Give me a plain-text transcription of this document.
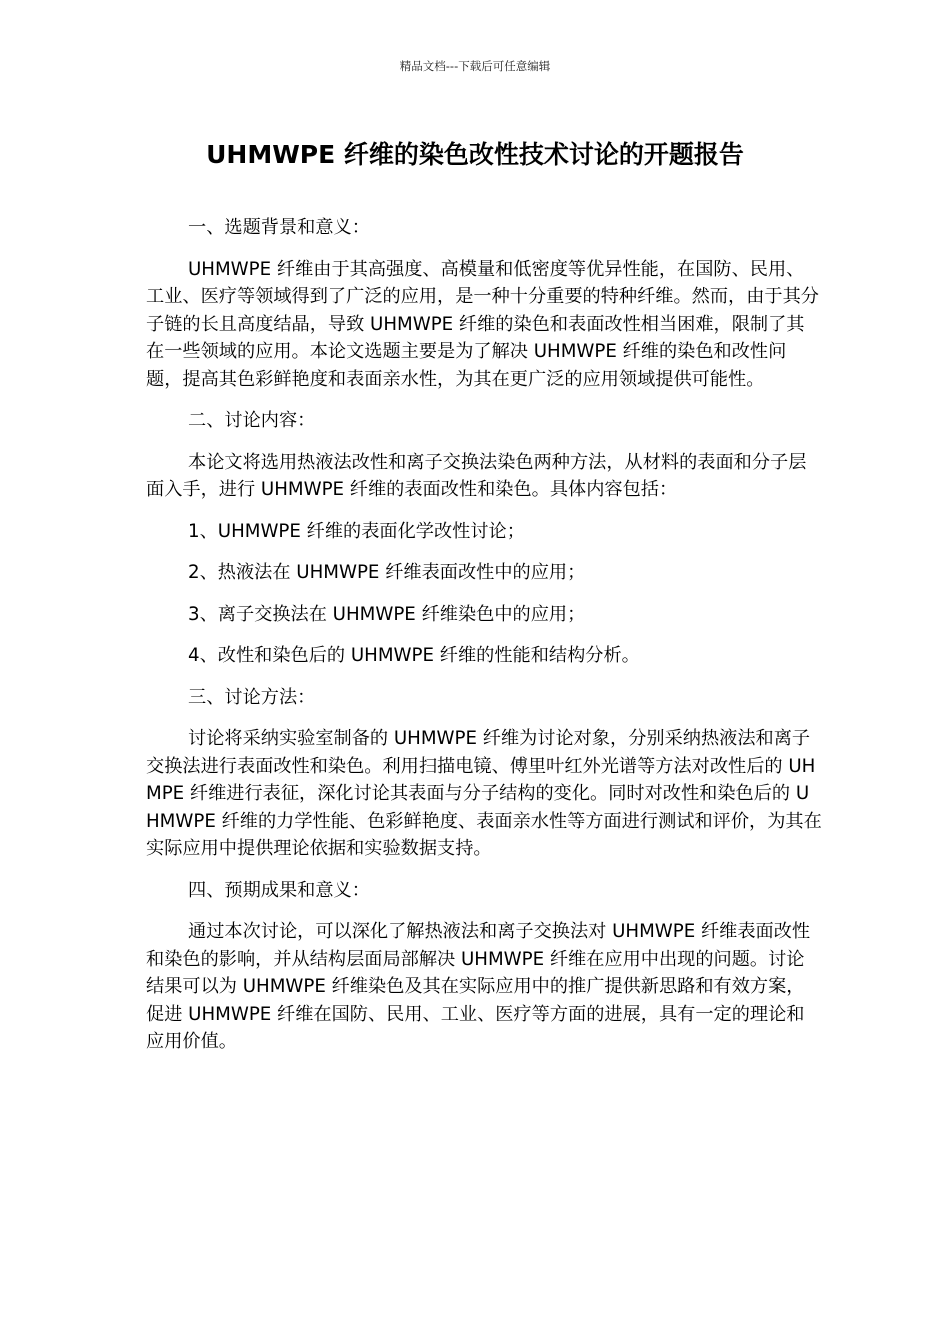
精品文档---下载后可任意编辑
UHMWPE 纤维的染色改性技术讨论的开题报告

一、选题背景和意义：

UHMWPE 纤维由于其高强度、高模量和低密度等优异性能，在国防、民用、工业、医疗等领域得到了广泛的应用，是一种十分重要的特种纤维。然而，由于其分子链的长且高度结晶，导致 UHMWPE 纤维的染色和表面改性相当困难，限制了其在一些领域的应用。本论文选题主要是为了解决 UHMWPE 纤维的染色和改性问题，提高其色彩鲜艳度和表面亲水性，为其在更广泛的应用领域提供可能性。

二、讨论内容：

本论文将选用热液法改性和离子交换法染色两种方法，从材料的表面和分子层面入手，进行 UHMWPE 纤维的表面改性和染色。具体内容包括：

1、UHMWPE 纤维的表面化学改性讨论；

2、热液法在 UHMWPE 纤维表面改性中的应用；

3、离子交换法在 UHMWPE 纤维染色中的应用；

4、改性和染色后的 UHMWPE 纤维的性能和结构分析。

三、讨论方法：

讨论将采纳实验室制备的 UHMWPE 纤维为讨论对象，分别采纳热液法和离子交换法进行表面改性和染色。利用扫描电镜、傅里叶红外光谱等方法对改性后的 UHMPE 纤维进行表征，深化讨论其表面与分子结构的变化。同时对改性和染色后的 UHMWPE 纤维的力学性能、色彩鲜艳度、表面亲水性等方面进行测试和评价，为其在实际应用中提供理论依据和实验数据支持。

四、预期成果和意义：

通过本次讨论，可以深化了解热液法和离子交换法对 UHMWPE 纤维表面改性和染色的影响，并从结构层面局部解决 UHMWPE 纤维在应用中出现的问题。讨论结果可以为 UHMWPE 纤维染色及其在实际应用中的推广提供新思路和有效方案，促进 UHMWPE 纤维在国防、民用、工业、医疗等方面的进展，具有一定的理论和应用价值。
